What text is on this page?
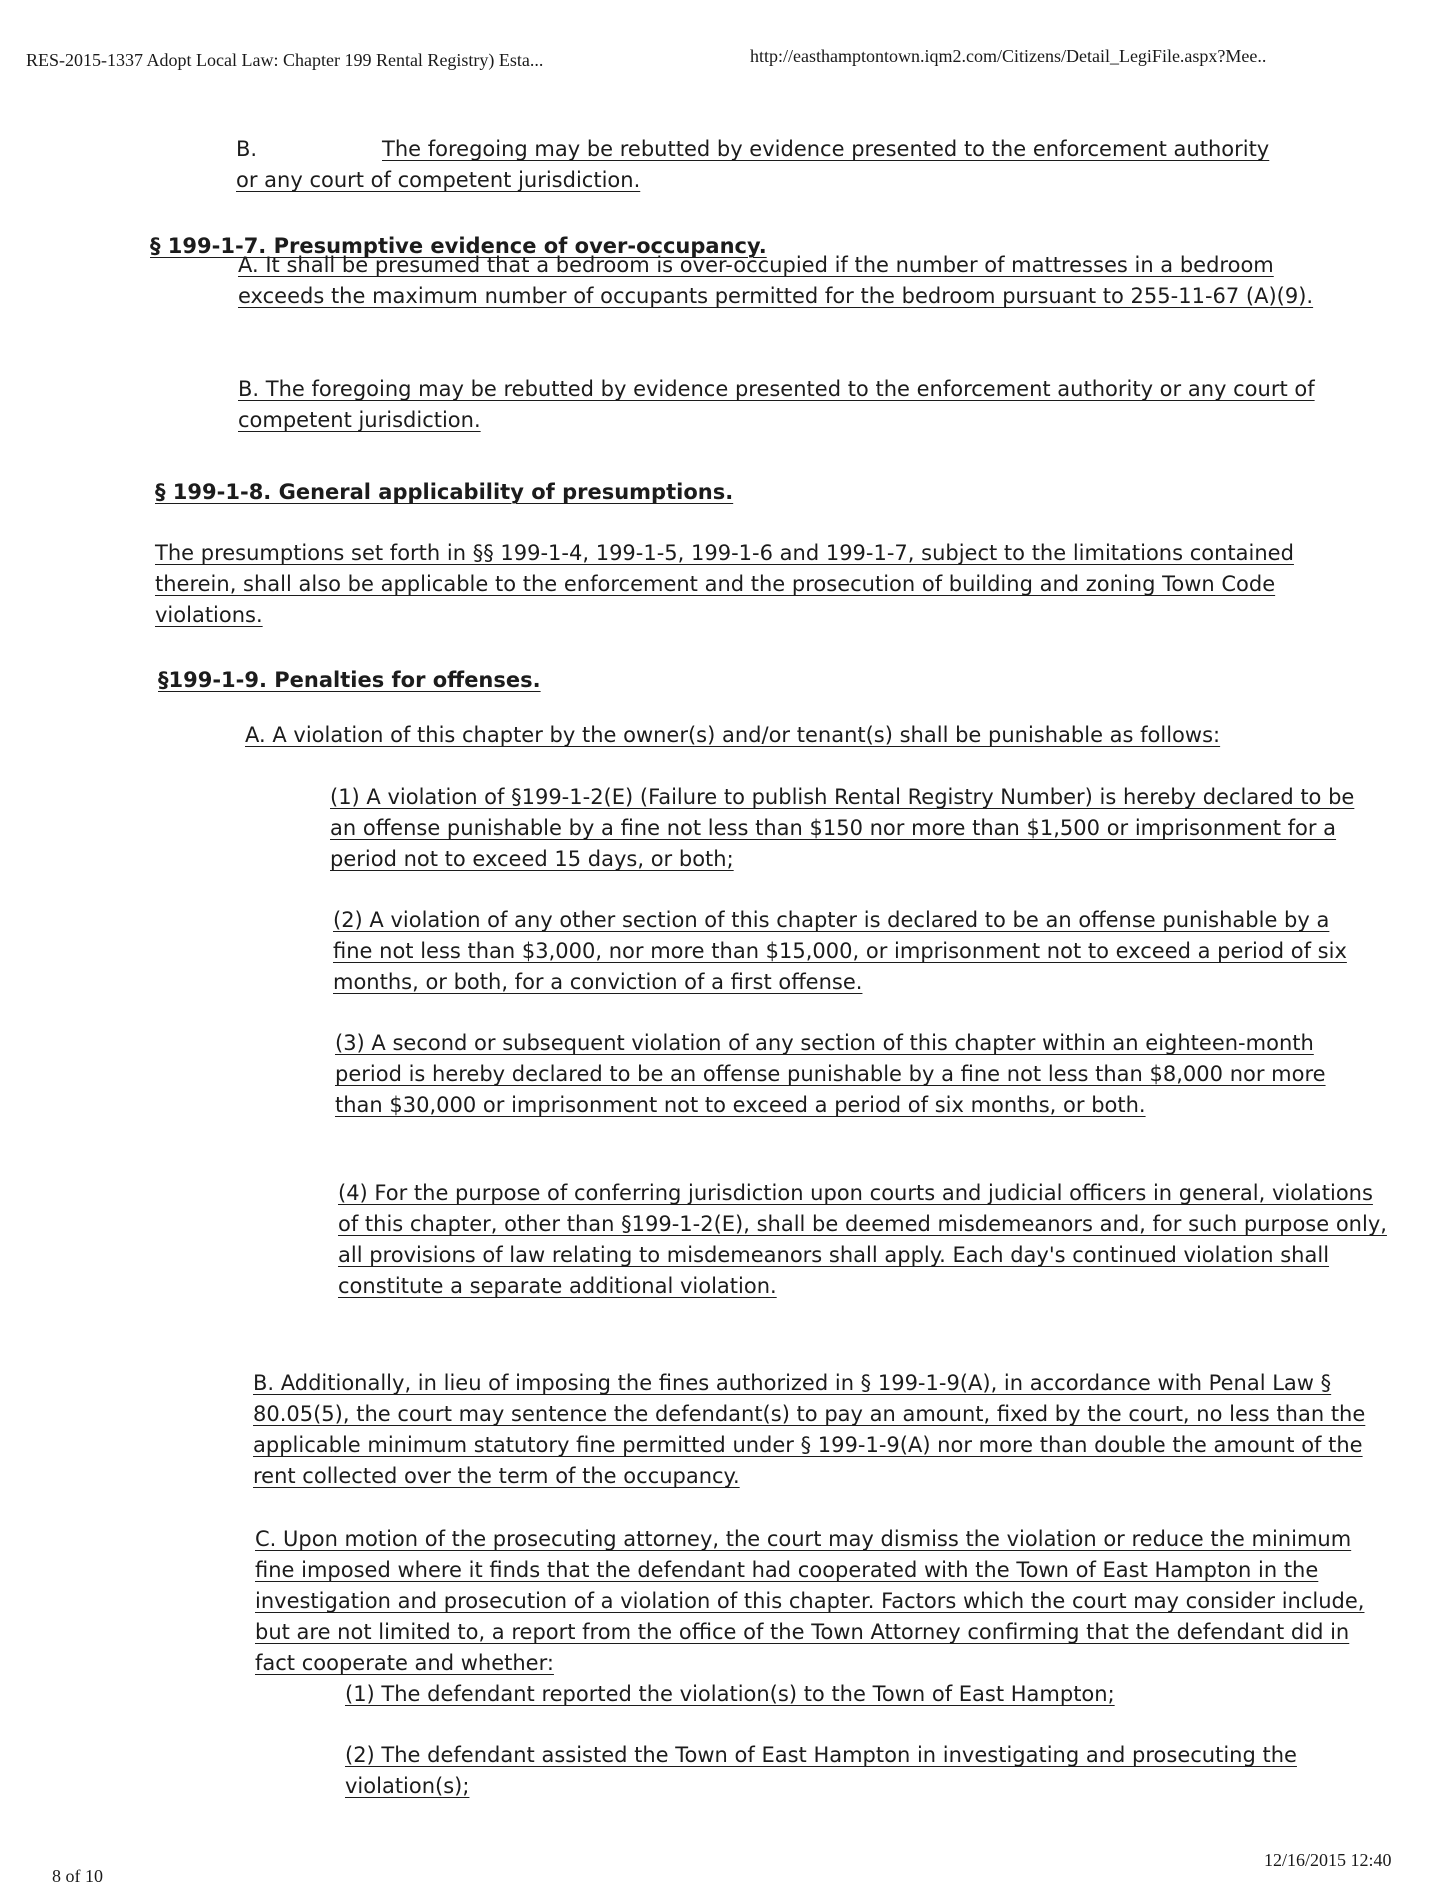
RES-2015-1337 Adopt Local Law: Chapter 199 Rental Registry) Esta...	http://easthamptontown.iqm2.com/Citizens/Detail_LegiFile.aspx?Mee..

B.	The foregoing may be rebutted by evidence presented to the enforcement authority or any court of competent jurisdiction.

§ 199-1-7. Presumptive evidence of over-occupancy.

A. It shall be presumed that a bedroom is over-occupied if the number of mattresses in a bedroom exceeds the maximum number of occupants permitted for the bedroom pursuant to 255-11-67 (A)(9).

B. The foregoing may be rebutted by evidence presented to the enforcement authority or any court of competent jurisdiction.

§ 199-1-8. General applicability of presumptions.

The presumptions set forth in §§ 199-1-4, 199-1-5, 199-1-6 and 199-1-7, subject to the limitations contained therein, shall also be applicable to the enforcement and the prosecution of building and zoning Town Code violations.

§199-1-9. Penalties for offenses.

A. A violation of this chapter by the owner(s) and/or tenant(s) shall be punishable as follows:

(1) A violation of §199-1-2(E) (Failure to publish Rental Registry Number) is hereby declared to be an offense punishable by a fine not less than $150 nor more than $1,500 or imprisonment for a period not to exceed 15 days, or both;

(2) A violation of any other section of this chapter is declared to be an offense punishable by a fine not less than $3,000, nor more than $15,000, or imprisonment not to exceed a period of six months, or both, for a conviction of a first offense.

(3) A second or subsequent violation of any section of this chapter within an eighteen-month period is hereby declared to be an offense punishable by a fine not less than $8,000 nor more than $30,000 or imprisonment not to exceed a period of six months, or both.

(4) For the purpose of conferring jurisdiction upon courts and judicial officers in general, violations of this chapter, other than §199-1-2(E), shall be deemed misdemeanors and, for such purpose only, all provisions of law relating to misdemeanors shall apply. Each day's continued violation shall constitute a separate additional violation.

B. Additionally, in lieu of imposing the fines authorized in § 199-1-9(A), in accordance with Penal Law § 80.05(5), the court may sentence the defendant(s) to pay an amount, fixed by the court, no less than the applicable minimum statutory fine permitted under § 199-1-9(A) nor more than double the amount of the rent collected over the term of the occupancy.

C. Upon motion of the prosecuting attorney, the court may dismiss the violation or reduce the minimum fine imposed where it finds that the defendant had cooperated with the Town of East Hampton in the investigation and prosecution of a violation of this chapter. Factors which the court may consider include, but are not limited to, a report from the office of the Town Attorney confirming that the defendant did in fact cooperate and whether:

(1) The defendant reported the violation(s) to the Town of East Hampton;

(2) The defendant assisted the Town of East Hampton in investigating and prosecuting the violation(s);

8 of 10
12/16/2015 12:40
